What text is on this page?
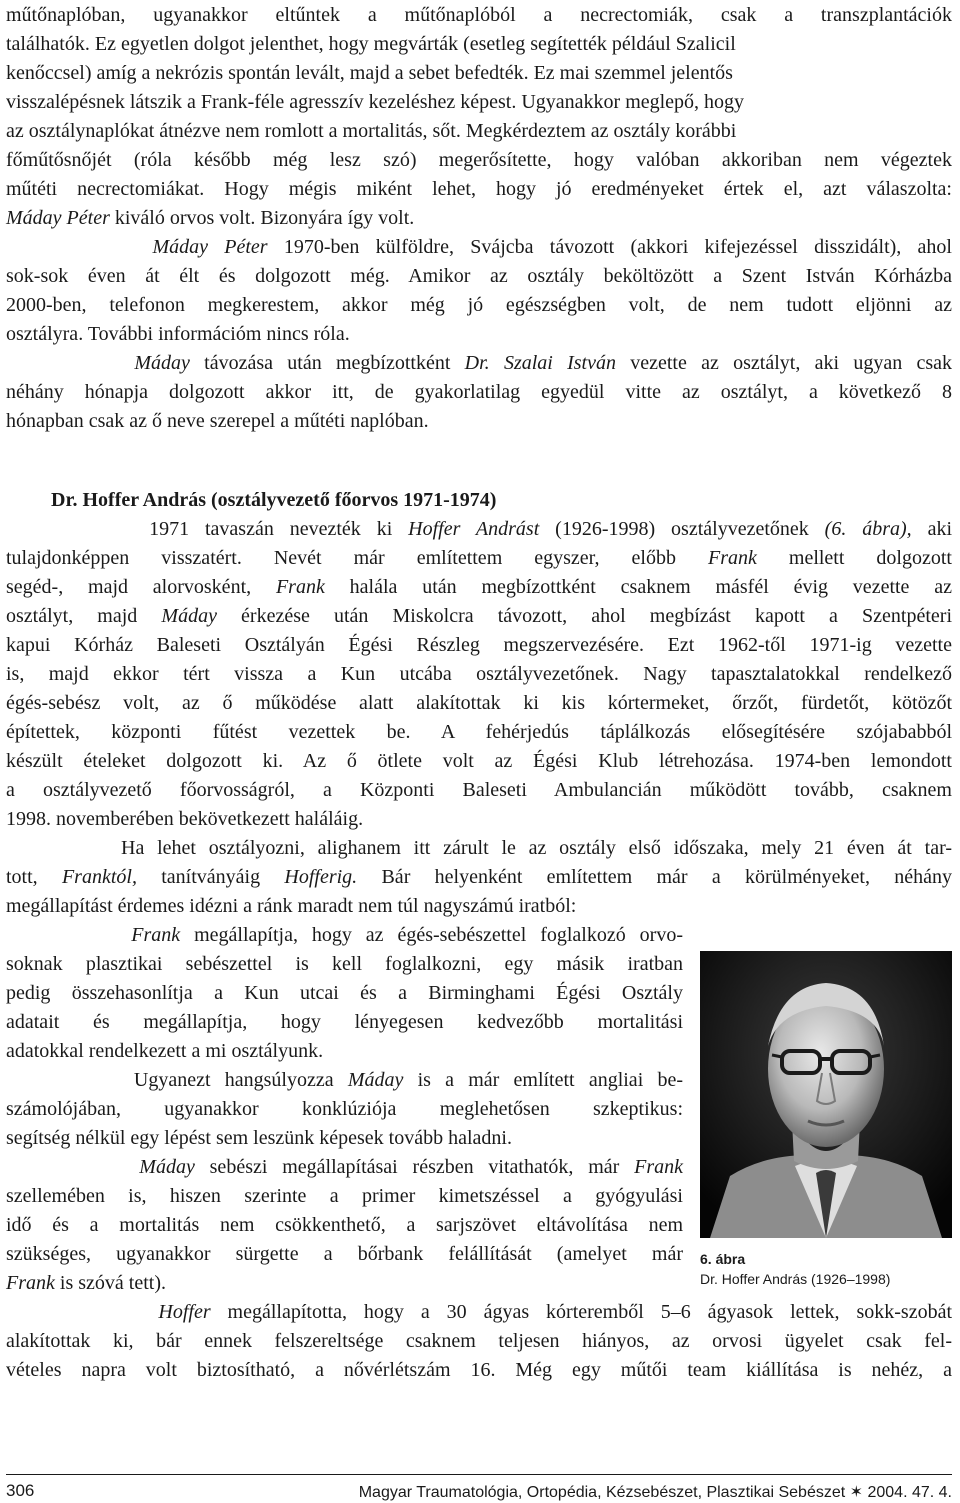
műtőnaplóban, ugyanakkor eltűntek a műtőnaplóból a necrectomiák, csak a transzplantációk
találhatók. Ez egyetlen dolgot jelenthet, hogy megvárták (esetleg segítették például Szalicil
kenőccsel) amíg a nekrózis spontán levált, majd a sebet befedték. Ez mai szemmel jelentős
visszalépésnek látszik a Frank-féle agresszív kezeléshez képest. Ugyanakkor meglepő, hogy
az osztálynaplókat átnézve nem romlott a mortalitás, sőt. Megkérdeztem az osztály korábbi
főműtősnőjét (róla később még lesz szó) megerősítette, hogy valóban akkoriban nem végeztek
műtéti necrectomiákat. Hogy mégis miként lehet, hogy jó eredményeket értek el, azt válaszolta:
Máday Péter kiváló orvos volt. Bizonyára így volt.
Máday Péter 1970-ben külföldre, Svájcba távozott (akkori kifejezéssel disszidált), ahol
sok-sok éven át élt és dolgozott még. Amikor az osztály beköltözött a Szent István Kórházba
2000-ben, telefonon megkerestem, akkor még jó egészségben volt, de nem tudott eljönni az
osztályra. További információm nincs róla.
Máday távozása után megbízottként Dr. Szalai István vezette az osztályt, aki ugyan csak
néhány hónapja dolgozott akkor itt, de gyakorlatilag egyedül vitte az osztályt, a következő 8
hónapban csak az ő neve szerepel a műtéti naplóban.
Dr. Hoffer András (osztályvezető főorvos 1971-1974)
1971 tavaszán nevezték ki Hoffer Andrást (1926-1998) osztályvezetőnek (6. ábra), aki
tulajdonképpen visszatért. Nevét már említettem egyszer, előbb Frank mellett dolgozott
segéd-, majd alorvosként, Frank halála után megbízottként csaknem másfél évig vezette az
osztályt, majd Máday érkezése után Miskolcra távozott, ahol megbízást kapott a Szentpéteri
kapui Kórház Baleseti Osztályán Égési Részleg megszervezésére. Ezt 1962-től 1971-ig vezette
is, majd ekkor tért vissza a Kun utcába osztályvezetőnek. Nagy tapasztalatokkal rendelkező
égés-sebész volt, az ő működése alatt alakítottak ki kis kórtermeket, őrzőt, fürdetőt, kötözőt
építettek, központi fűtést vezettek be. A fehérjedús táplálkozás elősegítésére szójababból
készült ételeket dolgozott ki. Az ő ötlete volt az Égési Klub létrehozása. 1974-ben lemondott
a osztályvezető főorvosságról, a Központi Baleseti Ambulancián működött tovább, csaknem
1998. novemberében bekövetkezett haláláig.
Ha lehet osztályozni, alighanem itt zárult le az osztály első időszaka, mely 21 éven át tar-
tott, Franktól, tanítványáig Hofferig. Bár helyenként említettem már a körülményeket, néhány
megállapítást érdemes idézni a ránk maradt nem túl nagyszámú iratból:
Frank megállapítja, hogy az égés-sebészettel foglalkozó orvo-
soknak plasztikai sebészettel is kell foglalkozni, egy másik iratban
pedig összehasonlítja a Kun utcai és a Birminghami Égési Osztály
adatait és megállapítja, hogy lényegesen kedvezőbb mortalitási
adatokkal rendelkezett a mi osztályunk.
Ugyanezt hangsúlyozza Máday is a már említett angliai be-
számolójában, ugyanakkor konklúziója meglehetősen szkeptikus:
segítség nélkül egy lépést sem leszünk képesek tovább haladni.
Máday sebészi megállapításai részben vitathatók, már Frank
szellemében is, hiszen szerinte a primer kimetszéssel a gyógyulási
idő és a mortalitás nem csökkenthető, a sarjszövet eltávolítása nem
szükséges, ugyanakkor sürgette a bőrbank felállítását (amelyet már
Frank is szóvá tett).
Hoffer megállapította, hogy a 30 ágyas kórteremből 5–6 ágyasok lettek, sokk-szobát
alakítottak ki, bár ennek felszereltsége csaknem teljesen hiányos, az orvosi ügyelet csak fel-
vételes napra volt biztosítható, a nővérlétszám 16. Még egy műtői team kiállítása is nehéz, a
6. ábra
Dr. Hoffer András (1926–1998)
306	Magyar Traumatológia, Ortopédia, Kézsebészet, Plasztikai Sebészet ✶ 2004. 47. 4.
